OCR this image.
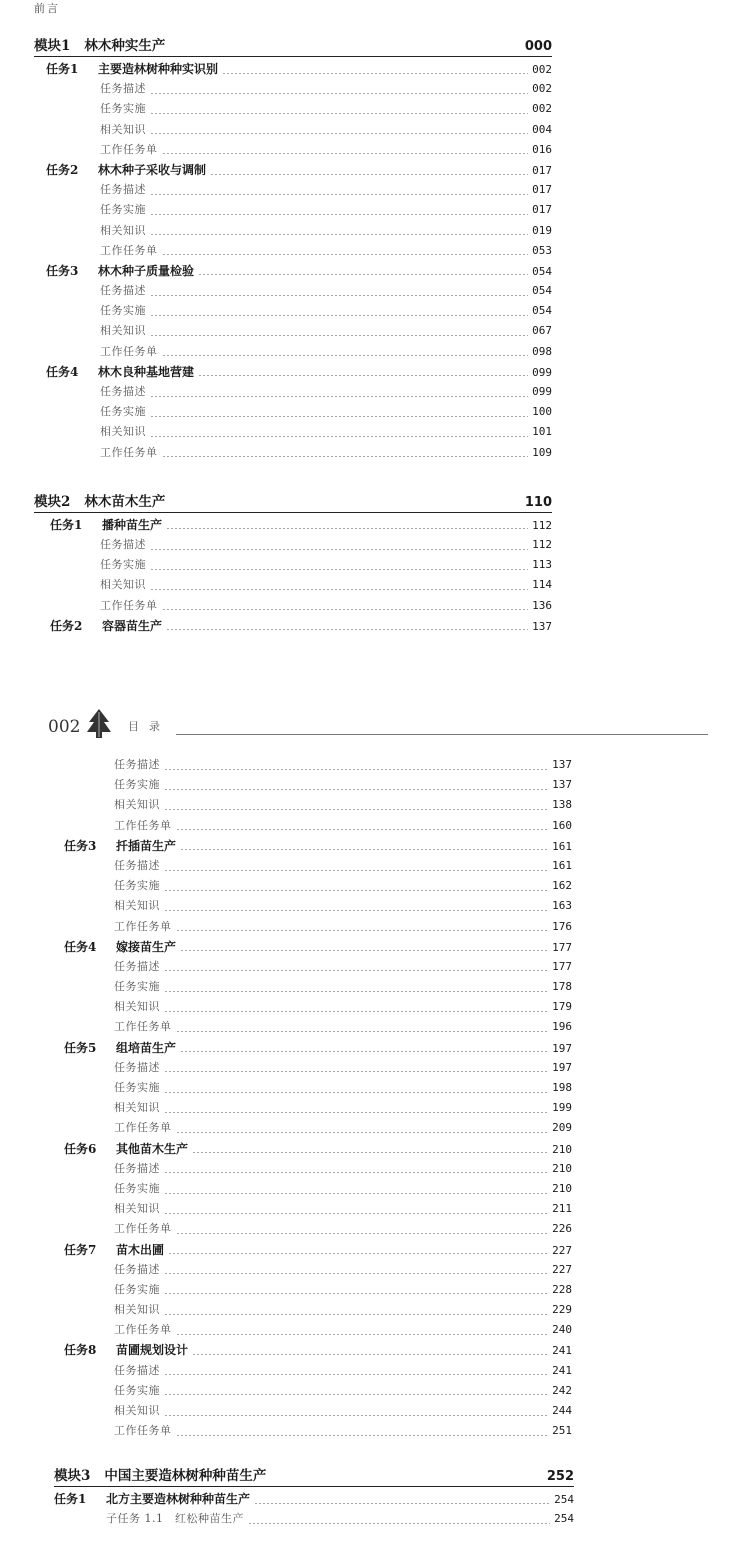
前言
模块1 林木种实生产	000
任务1 主要造林树种种实识别	002
任务描述	002
任务实施	002
相关知识	004
工作任务单	016
任务2 林木种子采收与调制	017
任务描述	017
任务实施	017
相关知识	019
工作任务单	053
任务3 林木种子质量检验	054
任务描述	054
任务实施	054
相关知识	067
工作任务单	098
任务4 林木良种基地营建	099
任务描述	099
任务实施	100
相关知识	101
工作任务单	109
模块2 林木苗木生产	110
任务1 播种苗生产	112
任务描述	112
任务实施	113
相关知识	114
工作任务单	136
任务2 容器苗生产	137
002	目录
任务描述	137
任务实施	137
相关知识	138
工作任务单	160
任务3 扦插苗生产	161
任务描述	161
任务实施	162
相关知识	163
工作任务单	176
任务4 嫁接苗生产	177
任务描述	177
任务实施	178
相关知识	179
工作任务单	196
任务5 组培苗生产	197
任务描述	197
任务实施	198
相关知识	199
工作任务单	209
任务6 其他苗木生产	210
任务描述	210
任务实施	210
相关知识	211
工作任务单	226
任务7 苗木出圃	227
任务描述	227
任务实施	228
相关知识	229
工作任务单	240
任务8 苗圃规划设计	241
任务描述	241
任务实施	242
相关知识	244
工作任务单	251
模块3 中国主要造林树种种苗生产	252
任务1 北方主要造林树种种苗生产	254
子任务 1.1　红松种苗生产	254
